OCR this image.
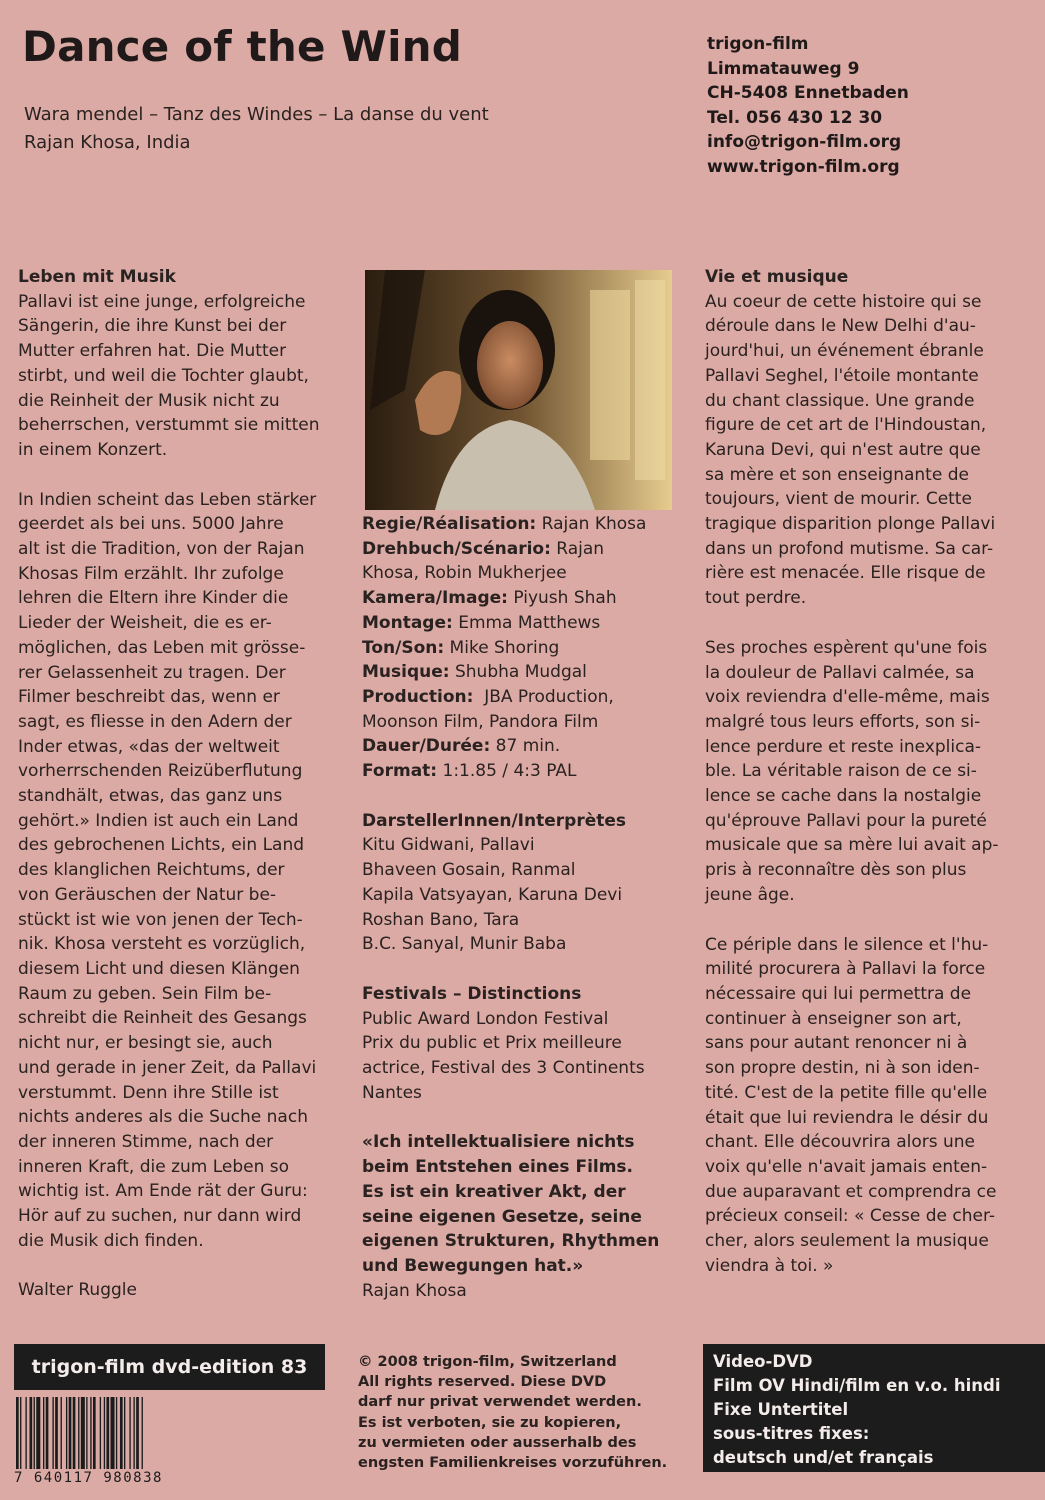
Dance of the Wind
Wara mendel – Tanz des Windes – La danse du vent
Rajan Khosa, India
trigon-film
Limmatauweg 9
CH-5408 Ennetbaden
Tel. 056 430 12 30
info@trigon-film.org
www.trigon-film.org
Leben mit Musik
Pallavi ist eine junge, erfolgreiche
Sängerin, die ihre Kunst bei der
Mutter erfahren hat. Die Mutter
stirbt, und weil die Tochter glaubt,
die Reinheit der Musik nicht zu
beherrschen, verstummt sie mitten
in einem Konzert.
In Indien scheint das Leben stärker
geerdet als bei uns. 5000 Jahre
alt ist die Tradition, von der Rajan
Khosas Film erzählt. Ihr zufolge
lehren die Eltern ihre Kinder die
Lieder der Weisheit, die es er-
möglichen, das Leben mit grösse-
rer Gelassenheit zu tragen. Der
Filmer beschreibt das, wenn er
sagt, es fliesse in den Adern der
Inder etwas, «das der weltweit
vorherrschenden Reizüberflutung
standhält, etwas, das ganz uns
gehört.» Indien ist auch ein Land
des gebrochenen Lichts, ein Land
des klanglichen Reichtums, der
von Geräuschen der Natur be-
stückt ist wie von jenen der Tech-
nik. Khosa versteht es vorzüglich,
diesem Licht und diesen Klängen
Raum zu geben. Sein Film be-
schreibt die Reinheit des Gesangs
nicht nur, er besingt sie, auch
und gerade in jener Zeit, da Pallavi
verstummt. Denn ihre Stille ist
nichts anderes als die Suche nach
der inneren Stimme, nach der
inneren Kraft, die zum Leben so
wichtig ist. Am Ende rät der Guru:
Hör auf zu suchen, nur dann wird
die Musik dich finden.
Walter Ruggle
Regie/Réalisation: Rajan Khosa
Drehbuch/Scénario: Rajan
Khosa, Robin Mukherjee
Kamera/Image: Piyush Shah
Montage: Emma Matthews
Ton/Son: Mike Shoring
Musique: Shubha Mudgal
Production:  JBA Production,
Moonson Film, Pandora Film
Dauer/Durée: 87 min.
Format: 1:1.85 / 4:3 PAL
DarstellerInnen/Interprètes
Kitu Gidwani, Pallavi
Bhaveen Gosain, Ranmal
Kapila Vatsyayan, Karuna Devi
Roshan Bano, Tara
B.C. Sanyal, Munir Baba
Festivals – Distinctions
Public Award London Festival
Prix du public et Prix meilleure
actrice, Festival des 3 Continents
Nantes
«Ich intellektualisiere nichts
beim Entstehen eines Films.
Es ist ein kreativer Akt, der
seine eigenen Gesetze, seine
eigenen Strukturen, Rhythmen
und Bewegungen hat.»
Rajan Khosa
Vie et musique
Au coeur de cette histoire qui se
déroule dans le New Delhi d'au-
jourd'hui, un événement ébranle
Pallavi Seghel, l'étoile montante
du chant classique. Une grande
figure de cet art de l'Hindoustan,
Karuna Devi, qui n'est autre que
sa mère et son enseignante de
toujours, vient de mourir. Cette
tragique disparition plonge Pallavi
dans un profond mutisme. Sa car-
rière est menacée. Elle risque de
tout perdre.
Ses proches espèrent qu'une fois
la douleur de Pallavi calmée, sa
voix reviendra d'elle-même, mais
malgré tous leurs efforts, son si-
lence perdure et reste inexplica-
ble. La véritable raison de ce si-
lence se cache dans la nostalgie
qu'éprouve Pallavi pour la pureté
musicale que sa mère lui avait ap-
pris à reconnaître dès son plus
jeune âge.
Ce périple dans le silence et l'hu-
milité procurera à Pallavi la force
nécessaire qui lui permettra de
continuer à enseigner son art,
sans pour autant renoncer ni à
son propre destin, ni à son iden-
tité. C'est de la petite fille qu'elle
était que lui reviendra le désir du
chant. Elle découvrira alors une
voix qu'elle n'avait jamais enten-
due auparavant et comprendra ce
précieux conseil: « Cesse de cher-
cher, alors seulement la musique
viendra à toi. »
trigon-film dvd-edition 83
7 640117 980838
© 2008 trigon-film, Switzerland
All rights reserved. Diese DVD
darf nur privat verwendet werden.
Es ist verboten, sie zu kopieren,
zu vermieten oder ausserhalb des
engsten Familienkreises vorzuführen.
Video-DVD
Film OV Hindi/film en v.o. hindi
Fixe Untertitel
sous-titres fixes:
deutsch und/et français
